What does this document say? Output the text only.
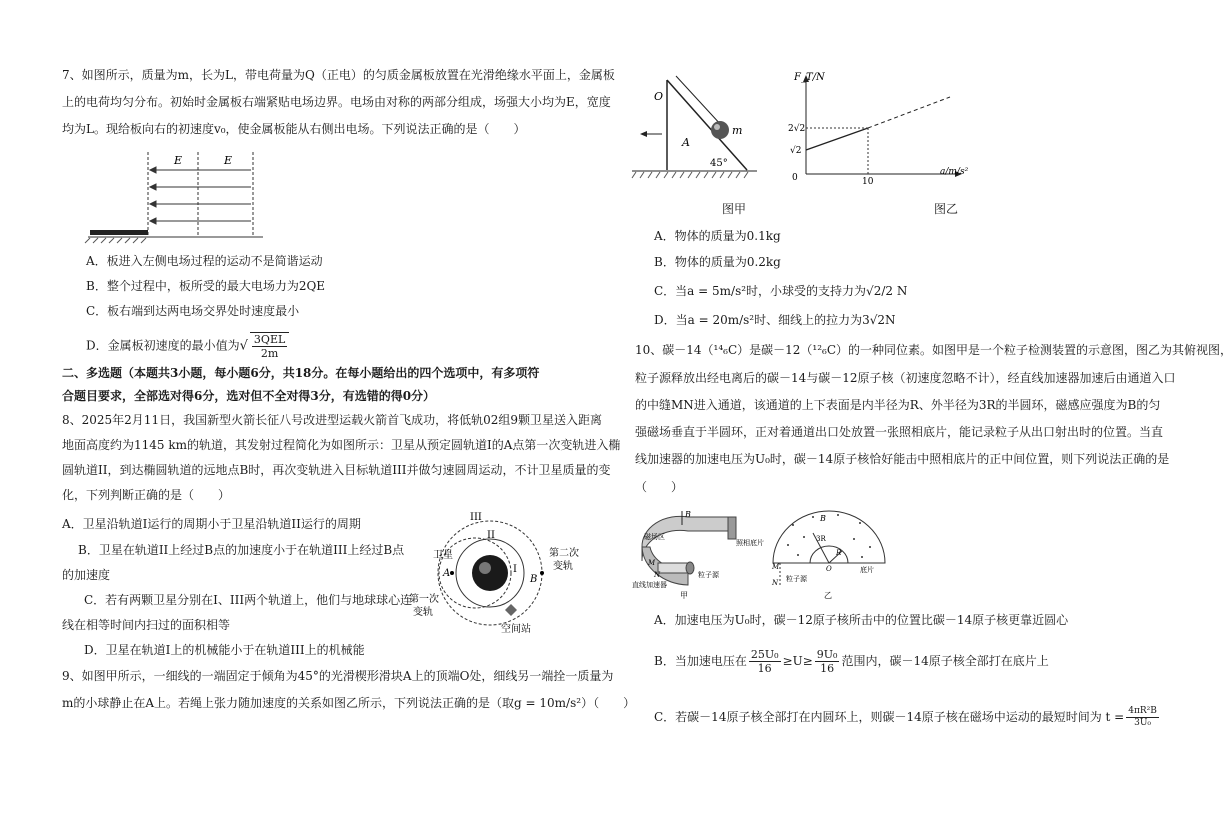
7、如图所示，质量为m，长为L，带电荷量为Q（正电）的匀质金属板放置在光滑绝缘水平面上，金属板
上的电荷均匀分布。初始时金属板右端紧贴电场边界。电场由对称的两部分组成，场强大小均为E，宽度
均为L。现给板向右的初速度v₀，使金属板能从右侧出电场。下列说法正确的是（　　）
E	E
A．板进入左侧电场过程的运动不是简谐运动
B．整个过程中，板所受的最大电场力为2QE
C．板右端到达两电场交界处时速度最小
D．金属板初速度的最小值为√ $\frac{\text{3QEL}}{2m}$
二、多选题（本题共3小题，每小题6分，共18分。在每小题给出的四个选项中，有多项符
合题目要求，全部选对得6分，选对但不全对得3分，有选错的得0分）
8、2025年2月11日，我国新型火箭长征八号改进型运载火箭首飞成功，将低轨02组9颗卫星送入距离
地面高度约为1145 km的轨道，其发射过程简化为如图所示：卫星从预定圆轨道I的A点第一次变轨进入椭
圆轨道II，到达椭圆轨道的远地点B时，再次变轨进入目标轨道III并做匀速圆周运动，不计卫星质量的变
化，下列判断正确的是（　　）
A．卫星沿轨道I运行的周期小于卫星沿轨道II运行的周期
B．卫星在轨道II上经过B点的加速度小于在轨道III上经过B点
的加速度
C．若有两颗卫星分别在I、III两个轨道上，他们与地球球心连
线在相等时间内扫过的面积相等
D．卫星在轨道I上的机械能小于在轨道III上的机械能
III
II
I
卫星
A
B
第一次
变轨
第二次
变轨
空间站
9、如图甲所示，一细线的一端固定于倾角为45°的光滑楔形滑块A上的顶端O处，细线另一端拴一质量为
m的小球静止在A上。若绳上张力随加速度的关系如图乙所示，下列说法正确的是（取g = 10m/s²）（　　）
O
A
m
45°
图甲
F_T/N
2√2
√2
0	10
a/m/s²
图乙
A．物体的质量为0.1kg
B．物体的质量为0.2kg
C．当a = 5m/s²时，小球受的支持力为√2/2 N
D．当a = 20m/s²时、细线上的拉力为3√2N
10、碳－14（¹⁴₆C）是碳－12（¹²₆C）的一种同位素。如图甲是一个粒子检测装置的示意图，图乙为其俯视图，
粒子源释放出经电离后的碳－14与碳－12原子核（初速度忽略不计），经直线加速器加速后由通道入口
的中缝MN进入通道，该通道的上下表面是内半径为R、外半径为3R的半圆环，磁感应强度为B的匀
强磁场垂直于半圆环，正对着通道出口处放置一张照相底片，能记录粒子从出口射出时的位置。当直
线加速器的加速电压为U₀时，碳－14原子核恰好能击中照相底片的正中间位置，则下列说法正确的是
（　　）
B
磁场区
照相底片
M
N	粒子源
直线加速器
甲
B
3R
R
O
M
N 粒子源
底片
乙
A．加速电压为U₀时，碳－12原子核所击中的位置比碳－14原子核更靠近圆心
B．当加速电压在 $\frac{\text{25U₀}}{16} \ge U\ge \frac{\text{9U₀}}{16}$ 范围内，碳－14原子核全部打在底片上
C．若碳－14原子核全部打在内圆环上，则碳－14原子核在磁场中运动的最短时间为 $t = \frac{\text{4πR²B}}{\text{3U₀}}$
